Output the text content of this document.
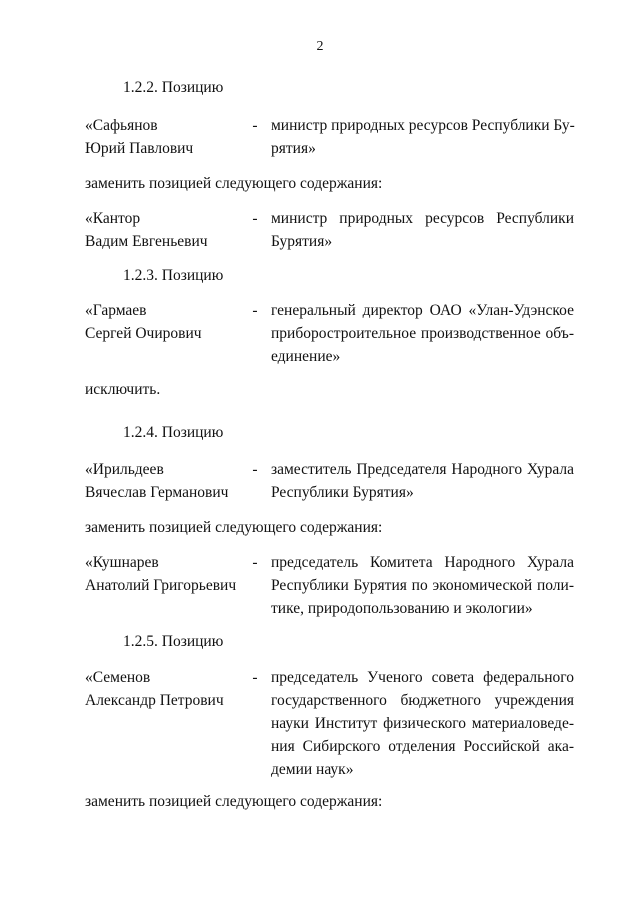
2
1.2.2. Позицию
«Сафьянов
Юрий Павлович
- министр природных ресурсов Республики Бу-
рятия»
заменить позицией следующего содержания:
«Кантор
Вадим Евгеньевич
- министр природных ресурсов Республики
Бурятия»
1.2.3. Позицию
«Гармаев
Сергей Очирович
- генеральный директор ОАО «Улан-Удэнское
приборостроительное производственное объ-
единение»
исключить.
1.2.4. Позицию
«Ирильдеев
Вячеслав Германович
- заместитель Председателя Народного Хурала
Республики Бурятия»
заменить позицией следующего содержания:
«Кушнарев
Анатолий Григорьевич
- председатель Комитета Народного Хурала
Республики Бурятия по экономической поли-
тике, природопользованию и экологии»
1.2.5. Позицию
«Семенов
Александр Петрович
- председатель Ученого совета федерального
государственного бюджетного учреждения
науки Институт физического материаловеде-
ния Сибирского отделения Российской ака-
демии наук»
заменить позицией следующего содержания:
